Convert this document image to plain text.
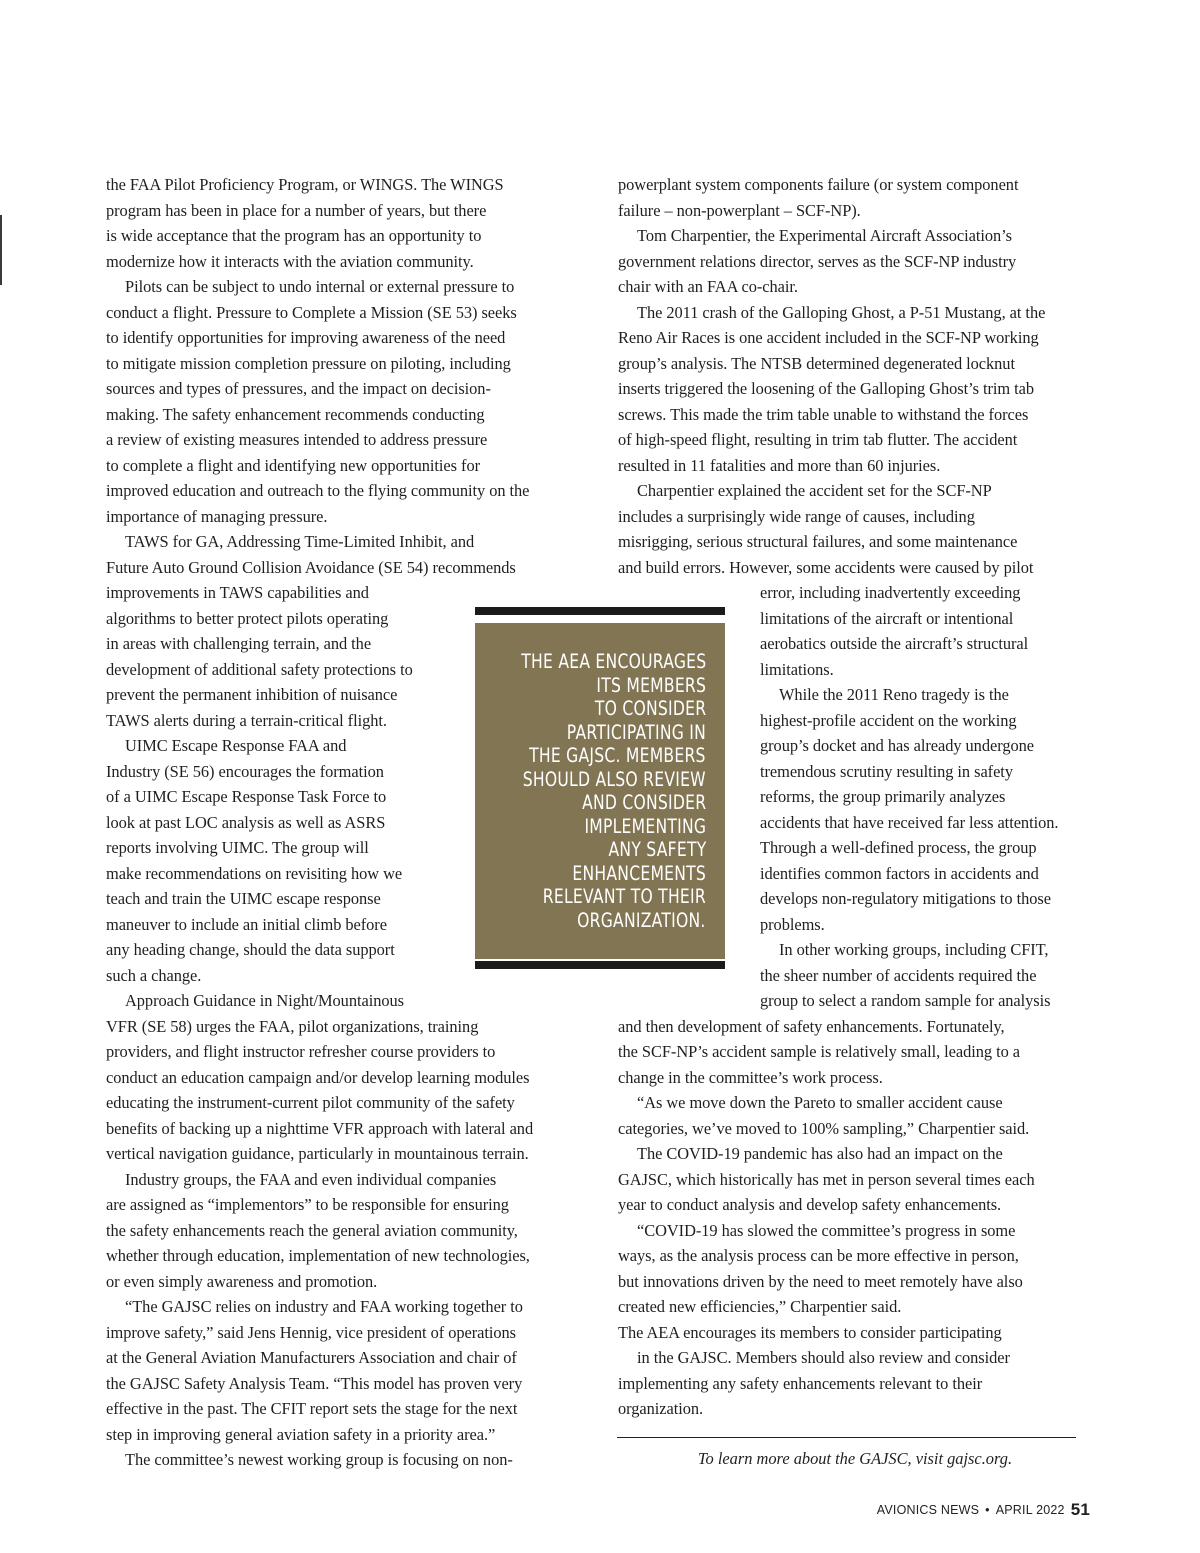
the FAA Pilot Proficiency Program, or WINGS. The WINGS
program has been in place for a number of years, but there
is wide acceptance that the program has an opportunity to
modernize how it interacts with the aviation community.
Pilots can be subject to undo internal or external pressure to
conduct a flight. Pressure to Complete a Mission (SE 53) seeks
to identify opportunities for improving awareness of the need
to mitigate mission completion pressure on piloting, including
sources and types of pressures, and the impact on decision-
making. The safety enhancement recommends conducting
a review of existing measures intended to address pressure
to complete a flight and identifying new opportunities for
improved education and outreach to the flying community on the
importance of managing pressure.
TAWS for GA, Addressing Time-Limited Inhibit, and
Future Auto Ground Collision Avoidance (SE 54) recommends
improvements in TAWS capabilities and
algorithms to better protect pilots operating
in areas with challenging terrain, and the
development of additional safety protections to
prevent the permanent inhibition of nuisance
TAWS alerts during a terrain-critical flight.
UIMC Escape Response FAA and
Industry (SE 56) encourages the formation
of a UIMC Escape Response Task Force to
look at past LOC analysis as well as ASRS
reports involving UIMC. The group will
make recommendations on revisiting how we
teach and train the UIMC escape response
maneuver to include an initial climb before
any heading change, should the data support
such a change.
Approach Guidance in Night/Mountainous
VFR (SE 58) urges the FAA, pilot organizations, training
providers, and flight instructor refresher course providers to
conduct an education campaign and/or develop learning modules
educating the instrument-current pilot community of the safety
benefits of backing up a nighttime VFR approach with lateral and
vertical navigation guidance, particularly in mountainous terrain.
Industry groups, the FAA and even individual companies
are assigned as “implementors” to be responsible for ensuring
the safety enhancements reach the general aviation community,
whether through education, implementation of new technologies,
or even simply awareness and promotion.
“The GAJSC relies on industry and FAA working together to
improve safety,” said Jens Hennig, vice president of operations
at the General Aviation Manufacturers Association and chair of
the GAJSC Safety Analysis Team. “This model has proven very
effective in the past. The CFIT report sets the stage for the next
step in improving general aviation safety in a priority area.”
The committee’s newest working group is focusing on non-
powerplant system components failure (or system component
failure – non-powerplant – SCF-NP).
Tom Charpentier, the Experimental Aircraft Association’s
government relations director, serves as the SCF-NP industry
chair with an FAA co-chair.
The 2011 crash of the Galloping Ghost, a P-51 Mustang, at the
Reno Air Races is one accident included in the SCF-NP working
group’s analysis. The NTSB determined degenerated locknut
inserts triggered the loosening of the Galloping Ghost’s trim tab
screws. This made the trim table unable to withstand the forces
of high-speed flight, resulting in trim tab flutter. The accident
resulted in 11 fatalities and more than 60 injuries.
Charpentier explained the accident set for the SCF-NP
includes a surprisingly wide range of causes, including
misrigging, serious structural failures, and some maintenance
and build errors. However, some accidents were caused by pilot
error, including inadvertently exceeding
limitations of the aircraft or intentional
aerobatics outside the aircraft’s structural
limitations.
While the 2011 Reno tragedy is the
highest-profile accident on the working
group’s docket and has already undergone
tremendous scrutiny resulting in safety
reforms, the group primarily analyzes
accidents that have received far less attention.
Through a well-defined process, the group
identifies common factors in accidents and
develops non-regulatory mitigations to those
problems.
In other working groups, including CFIT,
the sheer number of accidents required the
group to select a random sample for analysis
and then development of safety enhancements. Fortunately,
the SCF-NP’s accident sample is relatively small, leading to a
change in the committee’s work process.
“As we move down the Pareto to smaller accident cause
categories, we’ve moved to 100% sampling,” Charpentier said.
The COVID-19 pandemic has also had an impact on the
GAJSC, which historically has met in person several times each
year to conduct analysis and develop safety enhancements.
“COVID-19 has slowed the committee’s progress in some
ways, as the analysis process can be more effective in person,
but innovations driven by the need to meet remotely have also
created new efficiencies,” Charpentier said.
The AEA encourages its members to consider participating
in the GAJSC. Members should also review and consider
implementing any safety enhancements relevant to their
organization.
THE AEA ENCOURAGES
ITS MEMBERS
TO CONSIDER
PARTICIPATING IN
THE GAJSC. MEMBERS
SHOULD ALSO REVIEW
AND CONSIDER
IMPLEMENTING
ANY SAFETY
ENHANCEMENTS
RELEVANT TO THEIR
ORGANIZATION.
To learn more about the GAJSC, visit gajsc.org.
AVIONICS NEWS • APRIL 2022 51
